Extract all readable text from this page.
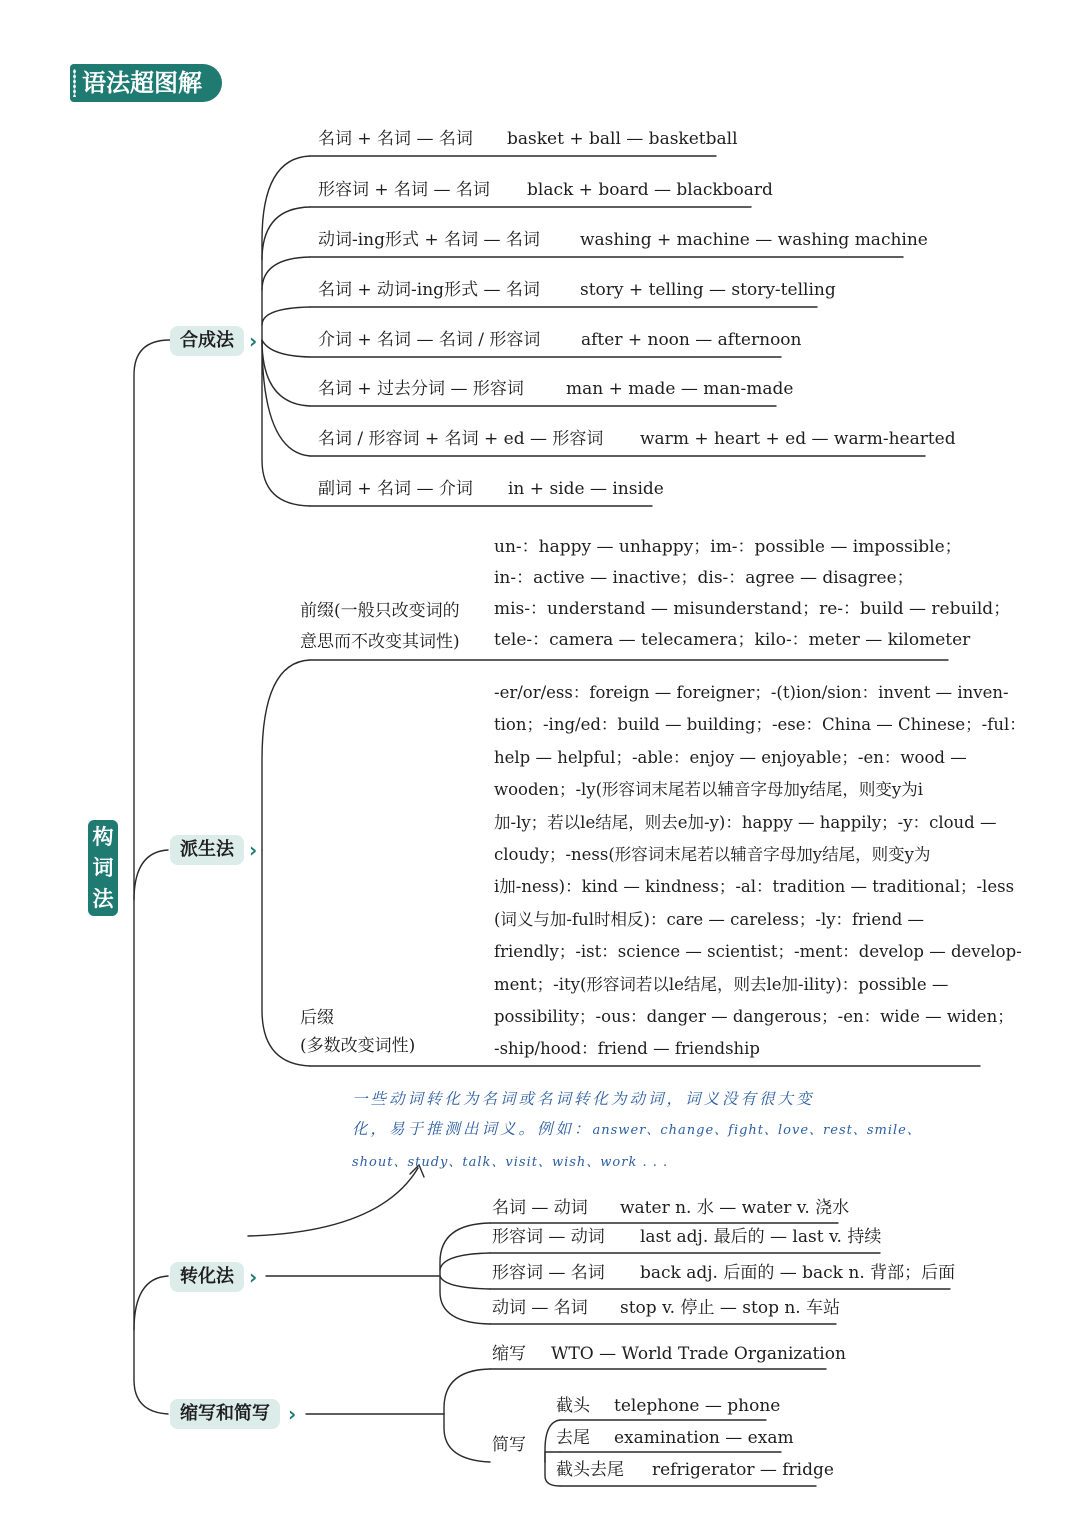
语法超图解
构
词
法
合成法 ›
派生法 ›
转化法 ›
缩写和简写 ›
名词 + 名词 — 名词 basket + ball — basketball
形容词 + 名词 — 名词 black + board — blackboard
动词-ing形式 + 名词 — 名词 washing + machine — washing machine
名词 + 动词-ing形式 — 名词 story + telling — story-telling
介词 + 名词 — 名词 / 形容词 after + noon — afternoon
名词 + 过去分词 — 形容词 man + made — man-made
名词 / 形容词 + 名词 + ed — 形容词 warm + heart + ed — warm-hearted
副词 + 名词 — 介词 in + side — inside
前缀(一般只改变词的
意思而不改变其词性)
un-：happy — unhappy；im-：possible — impossible；
in-：active — inactive；dis-：agree — disagree；
mis-：understand — misunderstand；re-：build — rebuild；
tele-：camera — telecamera；kilo-：meter — kilometer
-er/or/ess：foreign — foreigner；-(t)ion/sion：invent — inven-
tion；-ing/ed：build — building；-ese：China — Chinese；-ful：
help — helpful；-able：enjoy — enjoyable；-en：wood —
wooden；-ly(形容词末尾若以辅音字母加y结尾，则变y为i
加-ly；若以le结尾，则去e加-y)：happy — happily；-y：cloud —
cloudy；-ness(形容词末尾若以辅音字母加y结尾，则变y为
i加-ness)：kind — kindness；-al：tradition — traditional；-less
(词义与加-ful时相反)：care — careless；-ly：friend —
friendly；-ist：science — scientist；-ment：develop — develop-
ment；-ity(形容词若以le结尾，则去le加-ility)：possible —
possibility；-ous：danger — dangerous；-en：wide — widen；
-ship/hood：friend — friendship
后缀
(多数改变词性)
一些动词转化为名词或名词转化为动词，词义没有很大变
化，易于推测出词义。例如：answer、change、fight、love、rest、smile、
shout、study、talk、visit、wish、work . . .
名词 — 动词 water n. 水 — water v. 浇水
形容词 — 动词 last adj. 最后的 — last v. 持续
形容词 — 名词 back adj. 后面的 — back n. 背部；后面
动词 — 名词 stop v. 停止 — stop n. 车站
缩写 WTO — World Trade Organization
简写
截头 telephone — phone
去尾 examination — exam
截头去尾 refrigerator — fridge
